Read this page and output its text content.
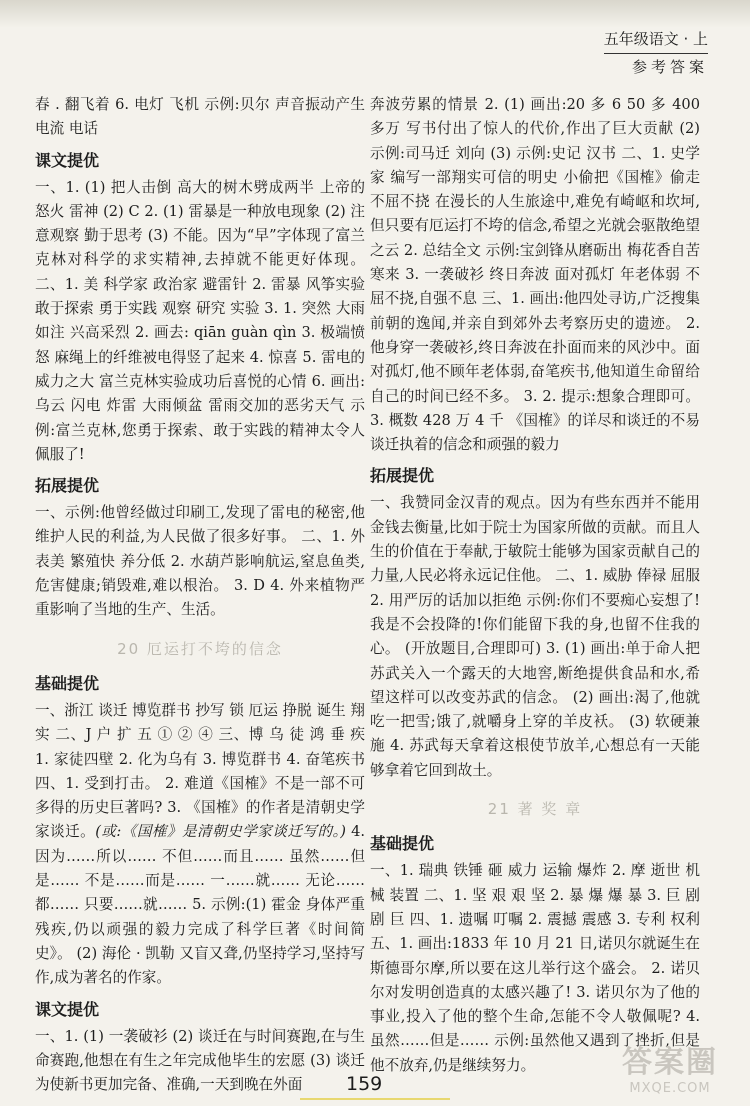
五年级语文 · 上
参考答案

春 . 翻飞着 6. 电灯 飞机 示例:贝尔 声音振动产生电流 电话

课文提优

一、1. (1) 把人击倒 高大的树木劈成两半 上帝的怒火 雷神 (2) C 2. (1) 雷暴是一种放电现象 (2) 注意观察 勤于思考 (3) 不能。因为“早”字体现了富兰克林对科学的求实精神,去掉就不能更好体现。 二、1. 美 科学家 政治家 避雷针 2. 雷暴 风筝实验 敢于探索 勇于实践 观察 研究 实验 3. 1. 突然 大雨如注 兴高采烈 2. 画去: qiān guàn qìn 3. 极端愤怒 麻绳上的纤维被电得竖了起来 4. 惊喜 5. 雷电的威力之大 富兰克林实验成功后喜悦的心情 6. 画出:乌云 闪电 炸雷 大雨倾盆 雷雨交加的恶劣天气 示例:富兰克林,您勇于探索、敢于实践的精神太令人佩服了!

拓展提优

一、示例:他曾经做过印刷工,发现了雷电的秘密,他维护人民的利益,为人民做了很多好事。 二、1. 外表美 繁殖快 养分低 2. 水葫芦影响航运,窒息鱼类,危害健康;销毁难,难以根治。 3. D 4. 外来植物严重影响了当地的生产、生活。

20 厄运打不垮的信念
基础提优

一、浙江 谈迁 博览群书 抄写 锁 厄运 挣脱 诞生 翔实 二、J 户 扩 五 ① ② ④ 三、博 乌 徒 鸿 垂 疾 1. 家徒四壁 2. 化为乌有 3. 博览群书 4. 奋笔疾书 四、1. 受到打击。 2. 难道《国榷》不是一部不可多得的历史巨著吗? 3. 《国榷》的作者是清朝史学家谈迁。(或:《国榷》是清朝史学家谈迁写的。) 4. 因为……所以…… 不但……而且…… 虽然……但是…… 不是……而是…… 一……就…… 无论……都…… 只要……就…… 5. 示例:(1) 霍金 身体严重残疾,仍以顽强的毅力完成了科学巨著《时间简史》。 (2) 海伦 · 凯勒 又盲又聋,仍坚持学习,坚持写作,成为著名的作家。

课文提优

一、1. (1) 一袭破衫 (2) 谈迁在与时间赛跑,在与生命赛跑,他想在有生之年完成他毕生的宏愿 (3) 谈迁为使新书更加完备、准确,一天到晚在外面

奔波劳累的情景 2. (1) 画出:20 多 6 50 多 400 多万 写书付出了惊人的代价,作出了巨大贡献 (2) 示例:司马迁 刘向 (3) 示例:史记 汉书 二、1. 史学家 编写一部翔实可信的明史 小偷把《国榷》偷走 不屈不挠 在漫长的人生旅途中,难免有崎岖和坎坷,但只要有厄运打不垮的信念,希望之光就会驱散绝望之云 2. 总结全文 示例:宝剑锋从磨砺出 梅花香自苦寒来 3. 一袭破衫 终日奔波 面对孤灯 年老体弱 不屈不挠,自强不息 三、1. 画出:他四处寻访,广泛搜集前朝的逸闻,并亲自到郊外去考察历史的遗迹。 2. 他身穿一袭破衫,终日奔波在扑面而来的风沙中。面对孤灯,他不顾年老体弱,奋笔疾书,他知道生命留给自己的时间已经不多。 3. 2. 提示:想象合理即可。 3. 概数 428 万 4 千 《国榷》的详尽和谈迁的不易 谈迁执着的信念和顽强的毅力

拓展提优

一、我赞同金汉青的观点。因为有些东西并不能用金钱去衡量,比如于院士为国家所做的贡献。而且人生的价值在于奉献,于敏院士能够为国家贡献自己的力量,人民必将永远记住他。 二、1. 威胁 俸禄 屈服 2. 用严厉的话加以拒绝 示例:你们不要痴心妄想了!我是不会投降的!你们能留下我的身,也留不住我的心。 (开放题目,合理即可) 3. (1) 画出:单于命人把苏武关入一个露天的大地窖,断绝提供食品和水,希望这样可以改变苏武的信念。 (2) 画出:渴了,他就吃一把雪;饿了,就嚼身上穿的羊皮袄。 (3) 软硬兼施 4. 苏武每天拿着这根使节放羊,心想总有一天能够拿着它回到故土。

21 著 奖 章
基础提优

一、1. 瑞典 铁锤 砸 威力 运输 爆炸 2. 摩 逝世 机械 装置 二、1. 坚 艰 艰 坚 2. 暴 爆 爆 暴 3. 巨 剧 剧 巨 四、1. 遗嘱 叮嘱 2. 震撼 震感 3. 专利 权利 五、1. 画出:1833 年 10 月 21 日,诺贝尔就诞生在斯德哥尔摩,所以要在这儿举行这个盛会。 2. 诺贝尔对发明创造真的太感兴趣了! 3. 诺贝尔为了他的事业,投入了他的整个生命,怎能不令人敬佩呢? 4. 虽然……但是…… 示例:虽然他又遇到了挫折,但是他不放弃,仍是继续努力。

159
答案圈
MXQE.COM
